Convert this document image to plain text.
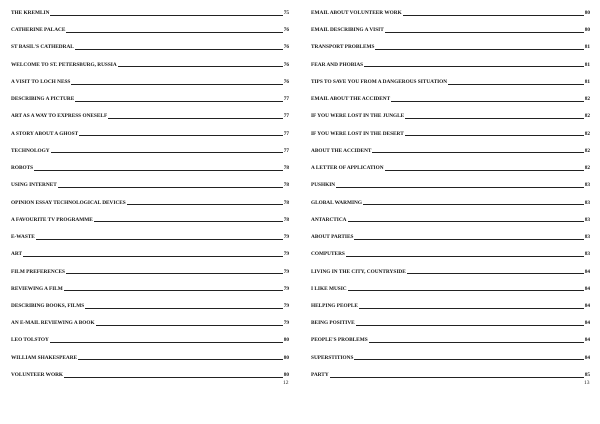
THE KREMLIN	75
CATHERINE PALACE	76
ST BASIL'S CATHEDRAL	76
WELCOME TO ST. PETERSBURG, RUSSIA	76
A VISIT TO LOCH NESS	76
DESCRIBING A PICTURE	77
ART AS A WAY TO EXPRESS ONESELF	77
A STORY ABOUT A GHOST	77
TECHNOLOGY	77
ROBOTS	78
USING INTERNET	78
OPINION ESSAY TECHNOLOGICAL DEVICES	78
A FAVOURITE TV PROGRAMME	78
E-WASTE	79
ART	79
FILM PREFERENCES	79
REVIEWING A FILM	79
DESCRIBING BOOKS, FILMS	79
AN E-MAIL REVIEWING A BOOK	79
LEO TOLSTOY	80
WILLIAM SHAKESPEARE	80
VOLUNTEER WORK	80
12
EMAIL ABOUT VOLUNTEER WORK	80
EMAIL DESCRIBING A VISIT	80
TRANSPORT PROBLEMS	81
FEAR AND PHOBIAS	81
TIPS TO SAVE YOU FROM A DANGEROUS SITUATION	81
EMAIL ABOUT THE ACCIDENT	82
IF YOU WERE LOST IN THE JUNGLE	82
IF YOU WERE LOST IN THE DESERT	82
ABOUT THE ACCIDENT	82
A LETTER OF APPLICATION	82
PUSHKIN	83
GLOBAL WARMING	83
ANTARCTICA	83
ABOUT PARTIES	83
COMPUTERS	83
LIVING IN THE CITY, COUNTRYSIDE	84
I LIKE MUSIC	84
HELPING PEOPLE	84
BEING POSITIVE	84
PEOPLE'S PROBLEMS	84
SUPERSTITIONS	84
PARTY	85
13
